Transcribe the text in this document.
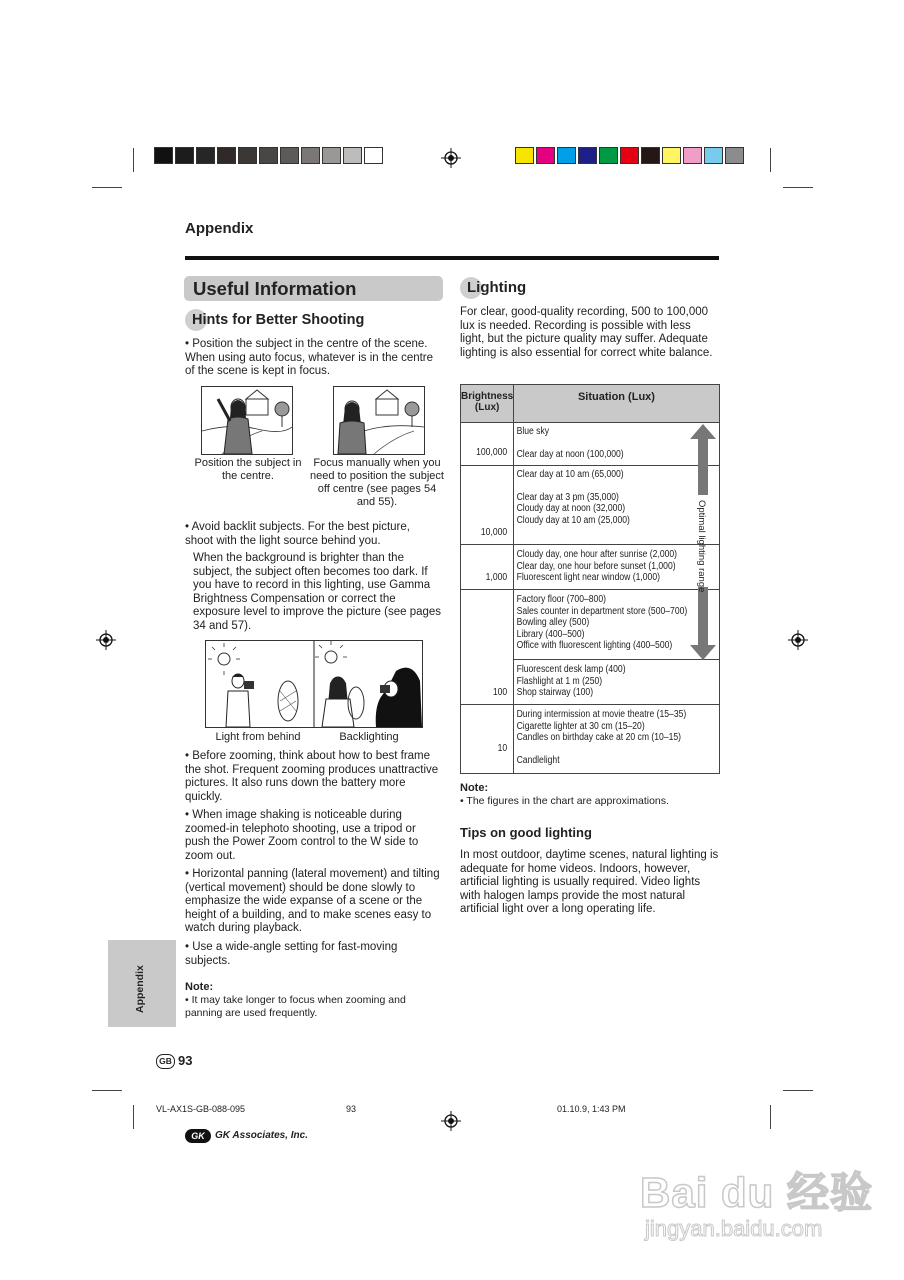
Appendix
Useful Information
Hints for Better Shooting
• Position the subject in the centre of the scene. When using auto focus, whatever is in the centre of the scene is kept in focus.
Position the subject in the centre.
Focus manually when you need to position the subject off centre (see pages 54 and 55).
• Avoid backlit subjects. For the best picture, shoot with the light source behind you.
When the background is brighter than the subject, the subject often becomes too dark. If you have to record in this lighting, use Gamma Brightness Compensation or correct the exposure level to improve the picture (see pages 34 and 57).
Light from behind	Backlighting
• Before zooming, think about how to best frame the shot. Frequent zooming produces unattractive pictures. It also runs down the battery more quickly.
• When image shaking is noticeable during zoomed-in telephoto shooting, use a tripod or push the Power Zoom control to the W side to zoom out.
• Horizontal panning (lateral movement) and tilting (vertical movement) should be done slowly to emphasize the wide expanse of a scene or the height of a building, and to make scenes easy to watch during playback.
• Use a wide-angle setting for fast-moving subjects.
Note:
• It may take longer to focus when zooming and panning are used frequently.
Appendix
GB 93
Lighting
For clear, good-quality recording, 500 to 100,000 lux is needed. Recording is possible with less light, but the picture quality may suffer. Adequate lighting is also essential for correct white balance.
Brightness (Lux)	Situation (Lux)

100,000	Blue sky
Clear day at noon (100,000)

10,000	Clear day at 10 am (65,000)
Clear day at 3 pm (35,000)
Cloudy day at noon (32,000)
Cloudy day at 10 am (25,000)

1,000	Cloudy day, one hour after sunrise (2,000)
Clear day, one hour before sunset (1,000)
Fluorescent light near window (1,000)

	Factory floor (700–800)
Sales counter in department store (500–700)
Bowling alley (500)
Library (400–500)
Office with fluorescent lighting (400–500)

100	Fluorescent desk lamp (400)
Flashlight at 1 m (250)
Shop stairway (100)

10	During intermission at movie theatre (15–35)
Cigarette lighter at 30 cm (15–20)
Candles on birthday cake at 20 cm (10–15)
Candlelight
Optimal lighting range
Note:
• The figures in the chart are approximations.
Tips on good lighting
In most outdoor, daytime scenes, natural lighting is adequate for home videos. Indoors, however, artificial lighting is usually required. Video lights with halogen lamps provide the most natural artificial light over a long operating life.
VL-AX1S-GB-088-095	93	01.10.9, 1:43 PM
GK	GK Associates, Inc.
Bai du 经验
jingyan.baidu.com
